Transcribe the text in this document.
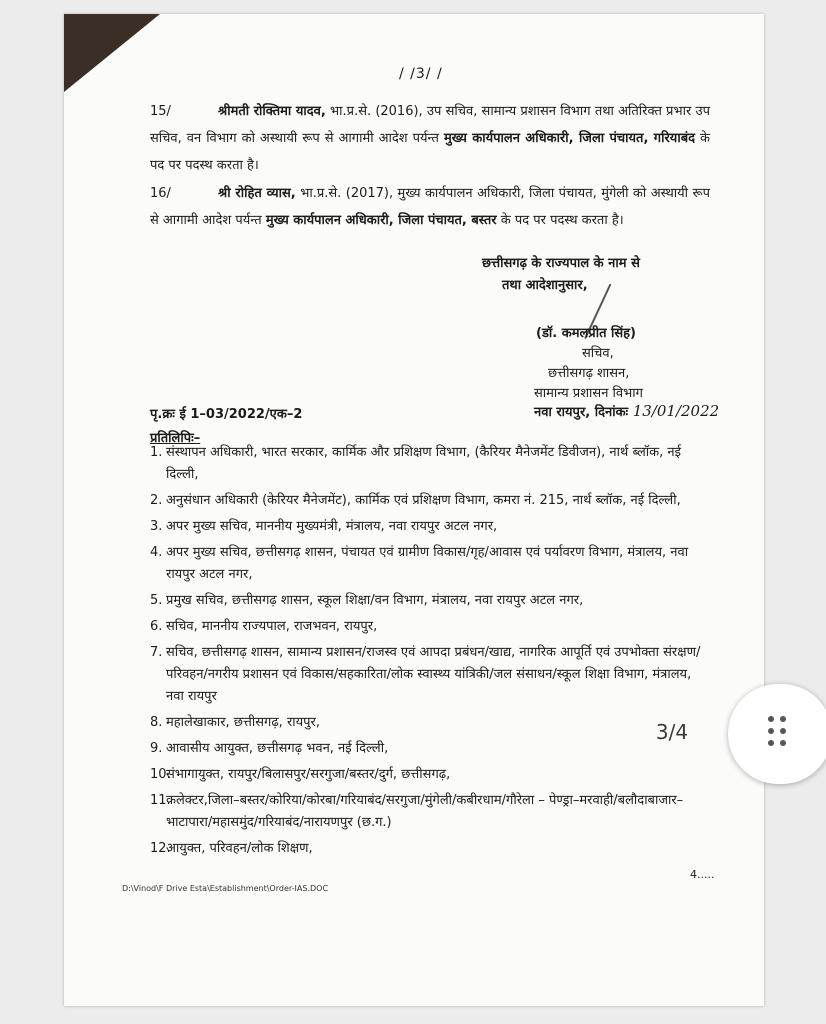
/ /3/ /
15/	श्रीमती रोक्तिमा यादव, भा.प्र.से. (2016), उप सचिव, सामान्य प्रशासन विभाग तथा अतिरिक्त प्रभार उप सचिव, वन विभाग को अस्थायी रूप से आगामी आदेश पर्यन्त मुख्य कार्यपालन अधिकारी, जिला पंचायत, गरियाबंद के पद पर पदस्थ करता है।
16/	श्री रोहित व्यास, भा.प्र.से. (2017), मुख्य कार्यपालन अधिकारी, जिला पंचायत, मुंगेली को अस्थायी रूप से आगामी आदेश पर्यन्त मुख्य कार्यपालन अधिकारी, जिला पंचायत, बस्तर के पद पर पदस्थ करता है।
छत्तीसगढ़ के राज्यपाल के नाम से
तथा आदेशानुसार,
(डॉ. कमलप्रीत सिंह)
सचिव,
छत्तीसगढ़ शासन,
सामान्य प्रशासन विभाग
पृ.क्रः ई 1–03/2022/एक–2	नवा रायपुर, दिनांकः 13/01/2022
प्रतिलिपिः–
1. संस्थापन अधिकारी, भारत सरकार, कार्मिक और प्रशिक्षण विभाग, (कैरियर मैनेजमेंट डिवीजन), नार्थ ब्लॉक, नई दिल्ली,
2. अनुसंधान अधिकारी (केरियर मैनेजमेंट), कार्मिक एवं प्रशिक्षण विभाग, कमरा नं. 215, नार्थ ब्लॉक, नई दिल्ली,
3. अपर मुख्य सचिव, माननीय मुख्यमंत्री, मंत्रालय, नवा रायपुर अटल नगर,
4. अपर मुख्य सचिव, छत्तीसगढ़ शासन, पंचायत एवं ग्रामीण विकास/गृह/आवास एवं पर्यावरण विभाग, मंत्रालय, नवा रायपुर अटल नगर,
5. प्रमुख सचिव, छत्तीसगढ़ शासन, स्कूल शिक्षा/वन विभाग, मंत्रालय, नवा रायपुर अटल नगर,
6. सचिव, माननीय राज्यपाल, राजभवन, रायपुर,
7. सचिव, छत्तीसगढ़ शासन, सामान्य प्रशासन/राजस्व एवं आपदा प्रबंधन/खाद्य, नागरिक आपूर्ति एवं उपभोक्ता संरक्षण/परिवहन/नगरीय प्रशासन एवं विकास/सहकारिता/लोक स्वास्थ्य यांत्रिकी/जल संसाधन/स्कूल शिक्षा विभाग, मंत्रालय, नवा रायपुर
8. महालेखाकार, छत्तीसगढ़, रायपुर,
9. आवासीय आयुक्त, छत्तीसगढ़ भवन, नई दिल्ली,
10.
संभागायुक्त, रायपुर/बिलासपुर/सरगुजा/बस्तर/दुर्ग, छत्तीसगढ़,
11.
कलेक्टर,जिला–बस्तर/कोरिया/कोरबा/गरियाबंद/सरगुजा/मुंगेली/कबीरधाम/गौरेला – पेण्ड्रा–मरवाही/बलौदाबाजार–भाटापारा/महासमुंद/गरियाबंद/नारायणपुर (छ.ग.)
12.
आयुक्त, परिवहन/लोक शिक्षण,
4.....
D:\Vinod\F Drive Esta\Establishment\Order-IAS.DOC
3/4
